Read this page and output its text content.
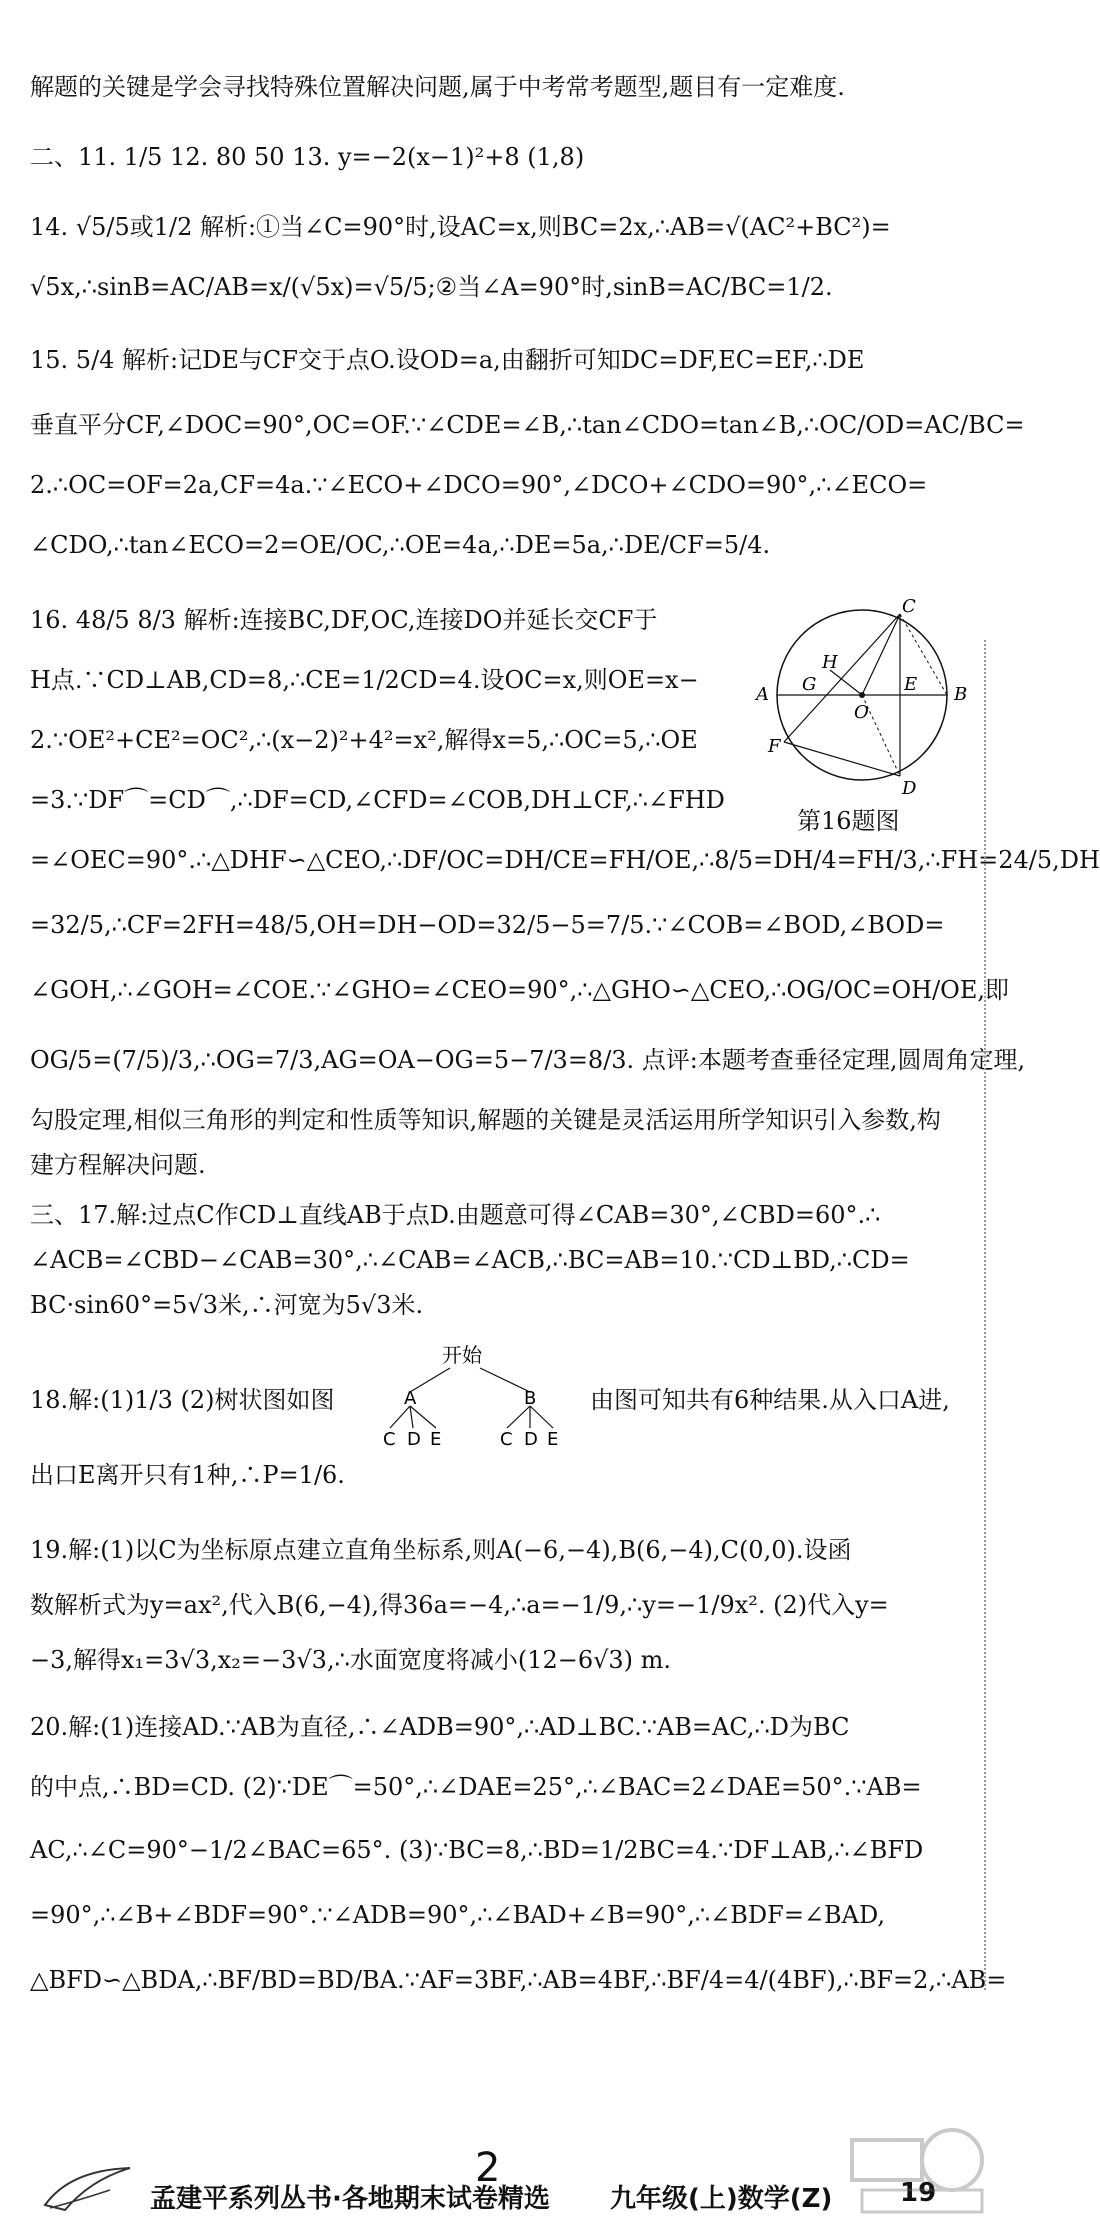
解题的关键是学会寻找特殊位置解决问题,属于中考常考题型,题目有一定难度.
二、11. 1/5 12. 80 50 13. y=−2(x−1)²+8 (1,8)
14. √5/5或1/2 解析:①当∠C=90°时,设AC=x,则BC=2x,∴AB=√(AC²+BC²)=
√5x,∴sinB=AC/AB=x/(√5x)=√5/5;②当∠A=90°时,sinB=AC/BC=1/2.
15. 5/4 解析:记DE与CF交于点O.设OD=a,由翻折可知DC=DF,EC=EF,∴DE
垂直平分CF,∠DOC=90°,OC=OF.∵∠CDE=∠B,∴tan∠CDO=tan∠B,∴OC/OD=AC/BC=
2.∴OC=OF=2a,CF=4a.∵∠ECO+∠DCO=90°,∠DCO+∠CDO=90°,∴∠ECO=
∠CDO,∴tan∠ECO=2=OE/OC,∴OE=4a,∴DE=5a,∴DE/CF=5/4.
16. 48/5 8/3 解析:连接BC,DF,OC,连接DO并延长交CF于
H点.∵CD⊥AB,CD=8,∴CE=1/2CD=4.设OC=x,则OE=x−
2.∵OE²+CE²=OC²,∴(x−2)²+4²=x²,解得x=5,∴OC=5,∴OE
=3.∵DF⌒=CD⌒,∴DF=CD,∠CFD=∠COB,DH⊥CF,∴∠FHD
C
H
G
A
O
E B
F
D
第16题图
=∠OEC=90°.∴△DHF∽△CEO,∴DF/OC=DH/CE=FH/OE,∴8/5=DH/4=FH/3,∴FH=24/5,DH
=32/5,∴CF=2FH=48/5,OH=DH−OD=32/5−5=7/5.∵∠COB=∠BOD,∠BOD=
∠GOH,∴∠GOH=∠COE.∵∠GHO=∠CEO=90°,∴△GHO∽△CEO,∴OG/OC=OH/OE,即
OG/5=(7/5)/3,∴OG=7/3,AG=OA−OG=5−7/3=8/3. 点评:本题考查垂径定理,圆周角定理,
勾股定理,相似三角形的判定和性质等知识,解题的关键是灵活运用所学知识引入参数,构
建方程解决问题.
三、17.解:过点C作CD⊥直线AB于点D.由题意可得∠CAB=30°,∠CBD=60°.∴
∠ACB=∠CBD−∠CAB=30°,∴∠CAB=∠ACB,∴BC=AB=10.∵CD⊥BD,∴CD=
BC·sin60°=5√3米,∴河宽为5√3米.
18.解:(1)1/3 (2)树状图如图
开始
A	B
C D E	C D E
由图可知共有6种结果.从入口A进,
出口E离开只有1种,∴P=1/6.
19.解:(1)以C为坐标原点建立直角坐标系,则A(−6,−4),B(6,−4),C(0,0).设函
数解析式为y=ax²,代入B(6,−4),得36a=−4,∴a=−1/9,∴y=−1/9x². (2)代入y=
−3,解得x₁=3√3,x₂=−3√3,∴水面宽度将减小(12−6√3) m.
20.解:(1)连接AD.∵AB为直径,∴∠ADB=90°,∴AD⊥BC.∵AB=AC,∴D为BC
的中点,∴BD=CD. (2)∵DE⌒=50°,∴∠DAE=25°,∴∠BAC=2∠DAE=50°.∵AB=
AC,∴∠C=90°−1/2∠BAC=65°. (3)∵BC=8,∴BD=1/2BC=4.∵DF⊥AB,∴∠BFD
=90°,∴∠B+∠BDF=90°.∵∠ADB=90°,∴∠BAD+∠B=90°,∴∠BDF=∠BAD,
△BFD∽△BDA,∴BF/BD=BD/BA.∵AF=3BF,∴AB=4BF,∴BF/4=4/(4BF),∴BF=2,∴AB=
孟建平系列丛书·各地期末试卷精选 九年级(上)数学(Z)	19
2
